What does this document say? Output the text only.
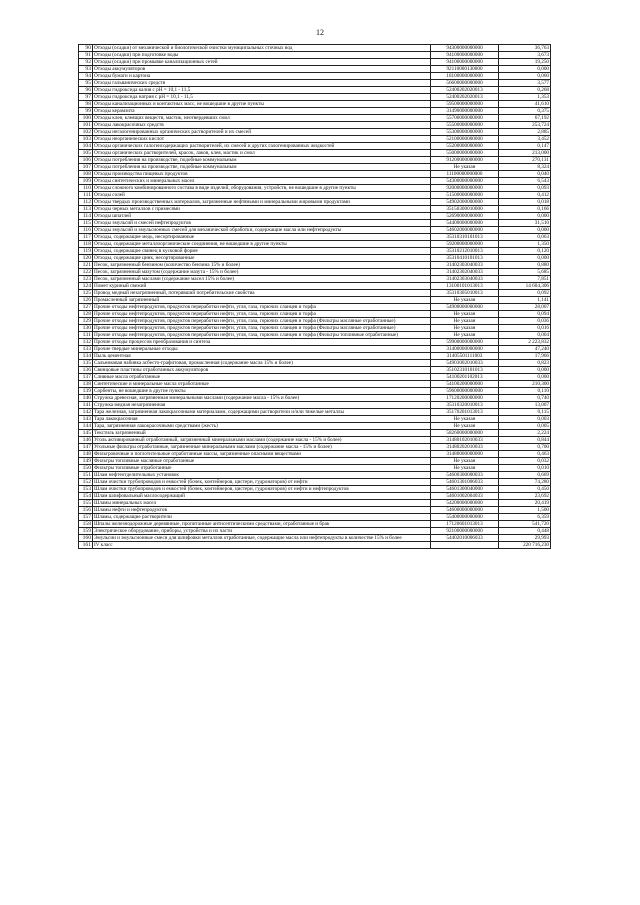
12
90	Отходы (осадки) от механической и биологической очистки муниципальных сточных вод	94300000000000	36,763
91	Отходы (осадки) при подготовке воды	94100000000000	3,673
92	Отходы (осадки) при промывке канализационных сетей	94100000000000	19,250
93	Отходы аккумуляторов	92110000130000	0,000
94	Отходы бумаги и картона	18100000000000	0,060
95	Отходы гальванических средств	56600000000000	3,577
96	Отходы гидроксида калия с pH = 10,1 - 11,5	52400202020013	0,268
97	Отходы гидроксида натрия с pH = 10,1 - 11,5	52400202020013	1,353
98	Отходы канализационных и контактных масс, не вошедшие в другие пункты	59500000000000	41,610
99	Отходы керамзита	31490000000000	0,375
100	Отходы клея, клеящих веществ, мастик, неотвердевших смол	55700000000000	67,192
101	Отходы лакокрасочных средств	55500000000000	253,724
102	Отходы негалогенированных органических растворителей и их смесей	55300000000000	2,885
103	Отходы неорганических кислот	52100000000000	3,452
104	Отходы органических галогенсодержащих растворителей, их смесей и других галогенированных жидкостей	55200000000000	0,147
105	Отходы органических растворителей, красок, лаков, клея, мастик и смол	55000000000000	213,000
106	Отходы потребления на производстве, подобные коммунальным	91200000000000	270,131
107	Отходы потребления на производстве, подобные коммунальным	Не указан	8,324
108	Отходы производства пищевых продуктов	11100000000000	0,040
109	Отходы синтетических и минеральных масел	54300000000000	6,543
110	Отходы сложного комбинированного состава в виде изделий, оборудования, устройств, не вошедшие в другие пункты	92000000000000	0,093
111	Отходы солей	51500000000000	0,412
112	Отходы твердых производственных материалов, загрязненные нефтяными и минеральными жировыми продуктами	54902000000000	0,018
113	Отходы черных металлов с примесями	35150300010000	0,166
114	Отходы шпатлей	52690000000000	0,000
115	Отходы эмульсий и смесей нефтепродуктов	54400000000000	31,510
116	Отходы эмульсий и эмульсионных смесей для механической обработки, содержащие масла или нефтепродукты	54602000000000	0,000
117	Отходы, содержащие медь, несортированные	35310310101013	0,063
118	Отходы, содержащие металлоорганические соединения, не вошедшие в другие пункты	59200000000000	1,350
119	Отходы, содержащие свинец в кусковой форме	35310212010013	0,120
120	Отходы, содержащие цинк, несортированные	35310410101013	0,000
121	Песок, загрязненный бензином (количество бензина 15% и более)	31402303040033	0,880
122	Песок, загрязненный мазутом (содержание мазута - 15% и более)	31402302040033	5,685
123	Песок, загрязненный маслами (содержание масел 15% и более)	31402303040033	7,851
124	Помет куриный свежий	13100101013013	14 604,306
125	Провод медный незагрязненный, потерявший потребительские свойства	35310305010013	0,092
126	Промасленный загрязненный	Не указан	1,141
127	Прочие отходы нефтепродуктов, продуктов переработки нефти, угля, газа, горючих сланцев и торфа	54900000000000	28,007
128	Прочие отходы нефтепродуктов, продуктов переработки нефти, угля, газа, горючих сланцев и торфа	Не указан	0,094
129	Прочие отходы нефтепродуктов, продуктов переработки нефти, угля, газа, горючих сланцев и торфа (Фильтры масляные отработанные)	Не указан	0,036
130	Прочие отходы нефтепродуктов, продуктов переработки нефти, угля, газа, горючих сланцев и торфа (Фильтры масляные отработанные)	Не указан	0,016
131	Прочие отходы нефтепродуктов, продуктов переработки нефти, угля, газа, горючих сланцев и торфа (Фильтры топливные отработанные)	Не указан	0,004
132	Прочие отходы процессов преобразования и синтеза	59900000000000	2 223,832
133	Прочие твердые минеральные отходы	31400000000000	47,240
134	Пыль цементная	31405501111003	17,966
135	Сальниковая набивка асбесто-графитовая, промасленная (содержание масла 15% и более)	54903002010033	0,823
136	Свинцовые пластины отработанных аккумуляторов	35102310101013	0,000
137	Сливные масла отработанные	54100201102013	0,000
138	Синтетические и минеральные масла отработанные	54100200000000	210,300
139	Сорбенты, не вошедшие в другие пункты	59600000000000	0,110
140	Стружка древесная, загрязненная минеральными маслами (содержание масла - 15% и более)	17120200000000	0,740
141	Стружка медная незагрязненная	35310320010013	13,007
142	Тара железная, загрязненная лакокрасочными материалами, содержащими растворители и/или тяжелые металлы	35170201013013	0,115
143	Тара лакокрасочная	Не указан	0,003
144	Тара, загрязненная лакокрасочными средствами (жесть)	Не указан	0,005
145	Текстиль загрязненный	58260000000000	2,224
146	Уголь активированный отработанный, загрязненный минеральными маслами (содержание масла - 15% и более)	31480102010033	0,844
147	Угольные фильтры отработанные, загрязненные минеральными маслами (содержание масла - 15% и более)	31480202010033	0,700
148	Фильтровочные и поглотительные отработанные массы, загрязненные опасными веществами	31480000000000	0,463
149	Фильтры топливные масляные отработанные	Не указан	0,032
150	Фильтры топливные отработанные	Не указан	0,010
151	Шлам нефтеотделительных установок	54600300000033	0,669
152	Шлам очистки трубопроводов и емкостей (бочек, контейнеров, цистерн, гудронаторов) от нефти	54601301006033	74,280
153	Шлам очистки трубопроводов и емкостей (бочек, контейнеров, цистерн, гудронаторов) от нефти и нефтепродуктов	54601300040000	0,450
154	Шлам шлифовальный маслосодержащий	54601002004033	23,692
155	Шламы минеральных масел	54200000000000	20,419
156	Шламы нефти и нефтепродуктов	54600000000000	1,500
157	Шламы, содержащие растворители	55400000000000	6,359
158	Шпалы железнодорожные деревянные, пропитанные антисептическими средствами, отработанные и брак	17120601013013	541,720
159	Электрическое оборудование, приборы, устройства и их части	92100000000000	0,448
160	Эмульсии и эмульсионные смеси для шлифовки металлов отработанные, содержащие масла или нефтепродукты в количестве 15% и более	54402010006033	29,993
161	IV класс		220 716,230
